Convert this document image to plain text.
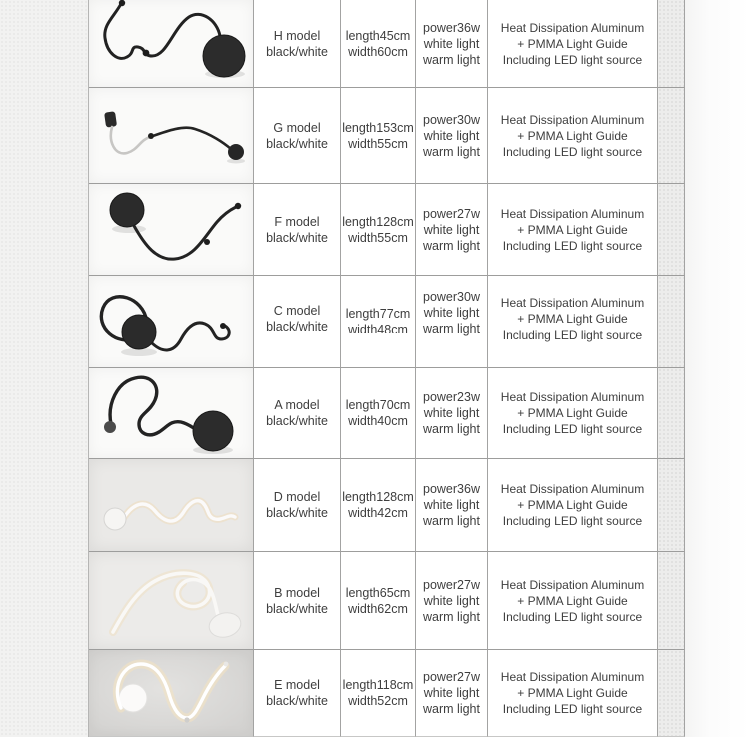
H model
black/white
length45cm
width60cm
power36w
white light
warm light
Heat Dissipation Aluminum
+ PMMA Light Guide
Including LED light source
G model
black/white
length153cm
width55cm
power30w
white light
warm light
Heat Dissipation Aluminum
+ PMMA Light Guide
Including LED light source
F model
black/white
length128cm
width55cm
power27w
white light
warm light
Heat Dissipation Aluminum
+ PMMA Light Guide
Including LED light source
C model
black/white
length77cm
width48cm
power30w
white light
warm light
Heat Dissipation Aluminum
+ PMMA Light Guide
Including LED light source
A model
black/white
length70cm
width40cm
power23w
white light
warm light
Heat Dissipation Aluminum
+ PMMA Light Guide
Including LED light source
D model
black/white
length128cm
width42cm
power36w
white light
warm light
Heat Dissipation Aluminum
+ PMMA Light Guide
Including LED light source
B model
black/white
length65cm
width62cm
power27w
white light
warm light
Heat Dissipation Aluminum
+ PMMA Light Guide
Including LED light source
E model
black/white
length118cm
width52cm
power27w
white light
warm light
Heat Dissipation Aluminum
+ PMMA Light Guide
Including LED light source
